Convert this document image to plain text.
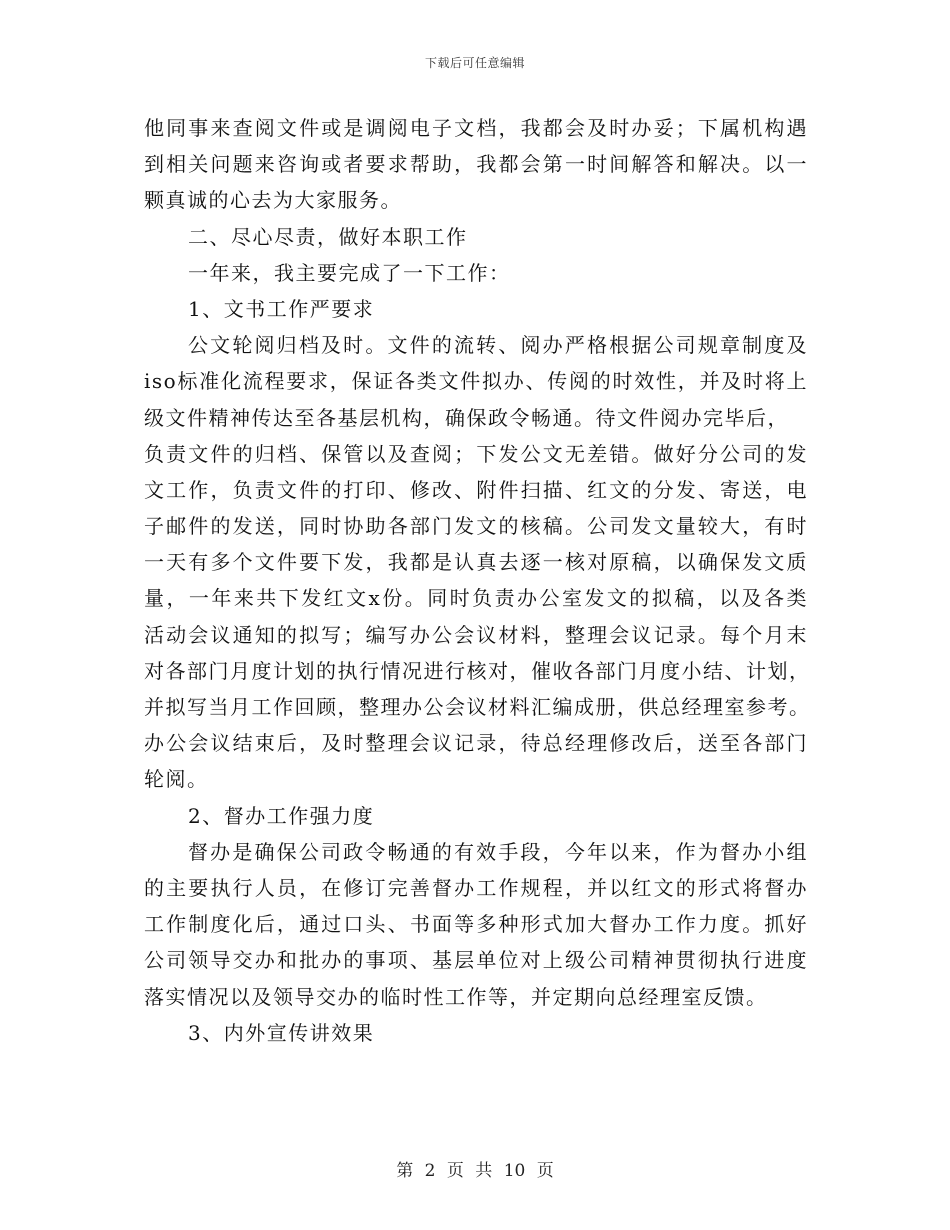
下载后可任意编辑
他同事来查阅文件或是调阅电子文档，我都会及时办妥；下属机构遇
到相关问题来咨询或者要求帮助，我都会第一时间解答和解决。以一
颗真诚的心去为大家服务。
二、尽心尽责，做好本职工作
一年来，我主要完成了一下工作：
1、文书工作严要求
公文轮阅归档及时。文件的流转、阅办严格根据公司规章制度及
iso标准化流程要求，保证各类文件拟办、传阅的时效性，并及时将上
级文件精神传达至各基层机构，确保政令畅通。待文件阅办完毕后，
负责文件的归档、保管以及查阅；下发公文无差错。做好分公司的发
文工作，负责文件的打印、修改、附件扫描、红文的分发、寄送，电
子邮件的发送，同时协助各部门发文的核稿。公司发文量较大，有时
一天有多个文件要下发，我都是认真去逐一核对原稿，以确保发文质
量，一年来共下发红文x份。同时负责办公室发文的拟稿，以及各类
活动会议通知的拟写；编写办公会议材料，整理会议记录。每个月末
对各部门月度计划的执行情况进行核对，催收各部门月度小结、计划，
并拟写当月工作回顾，整理办公会议材料汇编成册，供总经理室参考。
办公会议结束后，及时整理会议记录，待总经理修改后，送至各部门
轮阅。
2、督办工作强力度
督办是确保公司政令畅通的有效手段，今年以来，作为督办小组
的主要执行人员，在修订完善督办工作规程，并以红文的形式将督办
工作制度化后，通过口头、书面等多种形式加大督办工作力度。抓好
公司领导交办和批办的事项、基层单位对上级公司精神贯彻执行进度
落实情况以及领导交办的临时性工作等，并定期向总经理室反馈。
3、内外宣传讲效果
第 2 页 共 10 页
